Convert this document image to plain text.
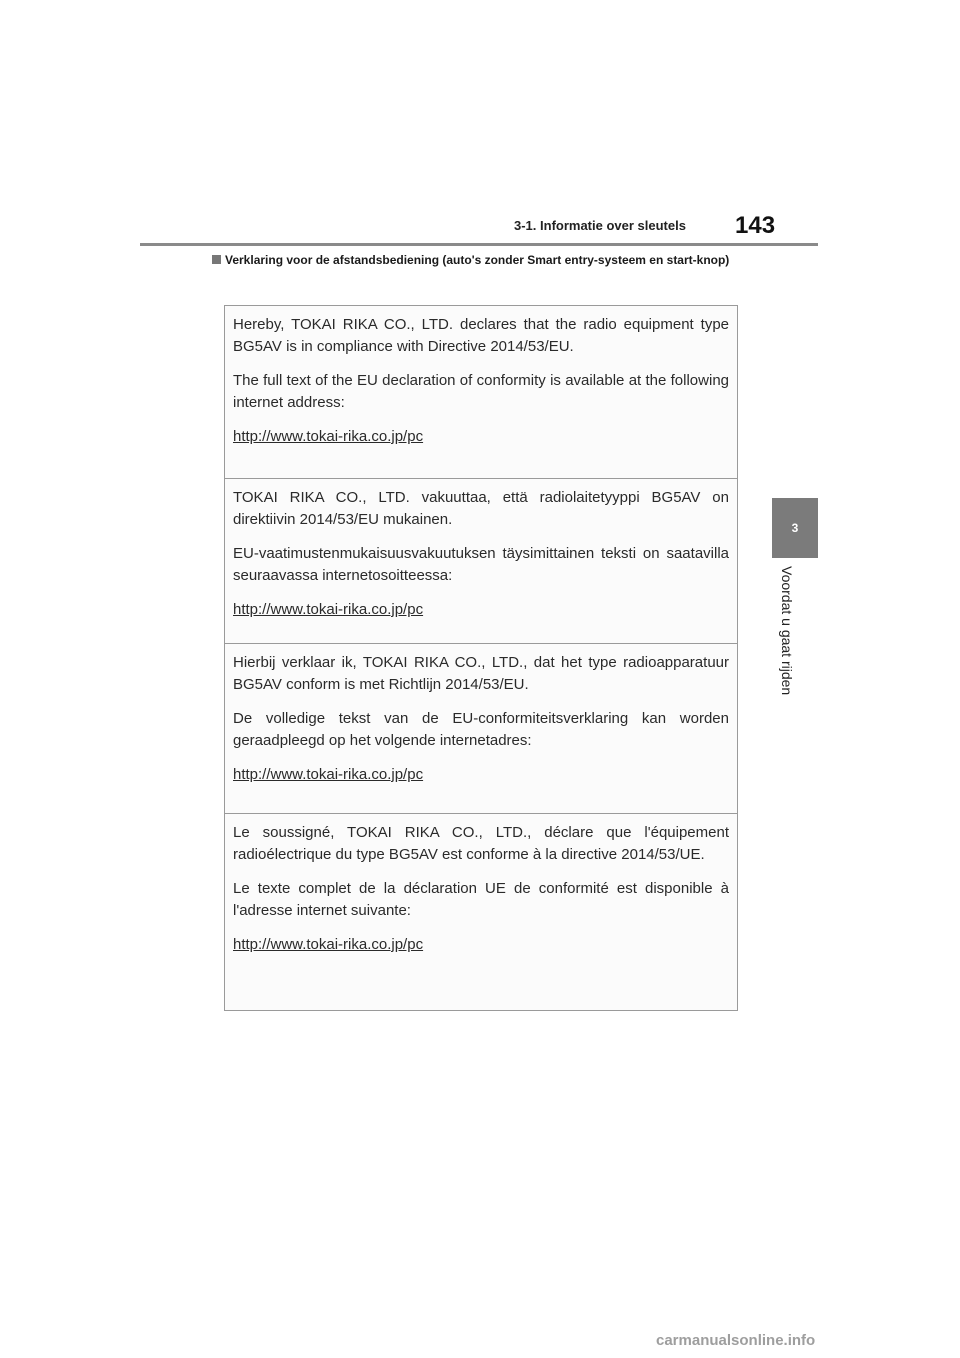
3-1. Informatie over sleutels 143
Verklaring voor de afstandsbediening (auto's zonder Smart entry-systeem en start-knop)
3
Voordat u gaat rijden

Hereby, TOKAI RIKA CO., LTD. declares that the radio equipment type BG5AV is in compliance with Directive 2014/53/EU.

The full text of the EU declaration of conformity is available at the following internet address:

http://www.tokai-rika.co.jp/pc

TOKAI RIKA CO., LTD. vakuuttaa, että radiolaitetyyppi BG5AV on direktiivin 2014/53/EU mukainen.

EU-vaatimustenmukaisuusvakuutuksen täysimittainen teksti on saatavilla seuraavassa internetosoitteessa:

http://www.tokai-rika.co.jp/pc

Hierbij verklaar ik, TOKAI RIKA CO., LTD., dat het type radioapparatuur BG5AV conform is met Richtlijn 2014/53/EU.

De volledige tekst van de EU-conformiteitsverklaring kan worden geraadpleegd op het volgende internetadres:

http://www.tokai-rika.co.jp/pc

Le soussigné, TOKAI RIKA CO., LTD., déclare que l'équipement radioélectrique du type BG5AV est conforme à la directive 2014/53/UE.

Le texte complet de la déclaration UE de conformité est disponible à l'adresse internet suivante:

http://www.tokai-rika.co.jp/pc
carmanualsonline.info
